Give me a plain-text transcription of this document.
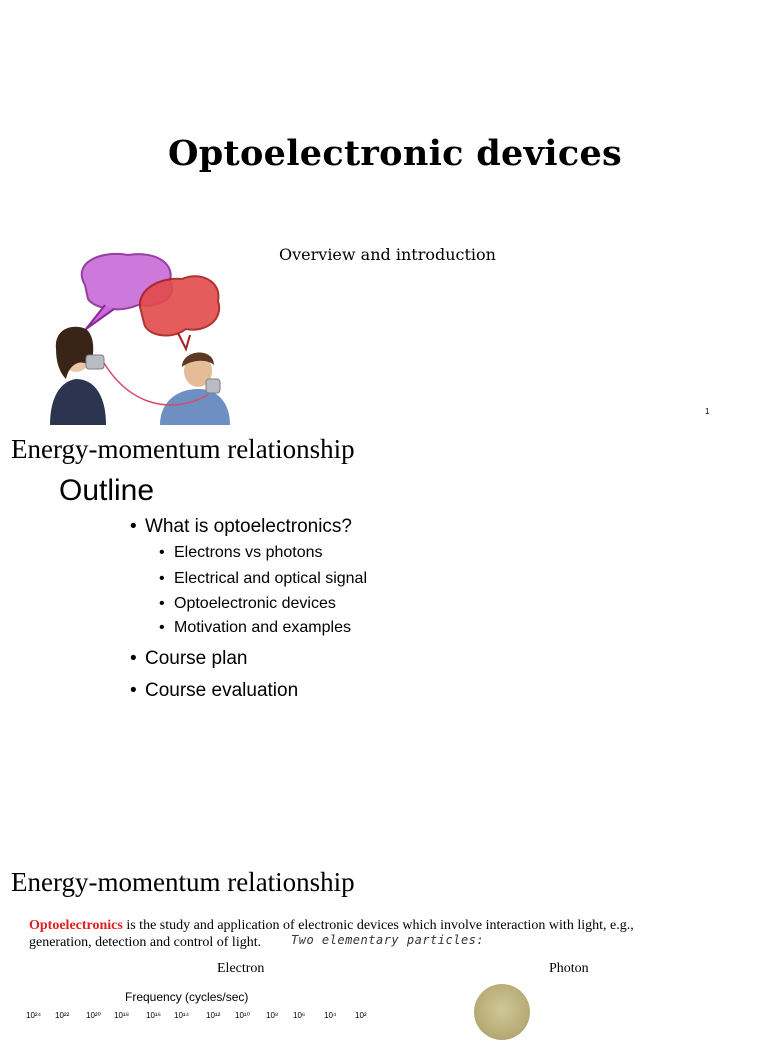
Optoelectronic devices
Overview and introduction
1
Energy-momentum relationship
Outline
• What is optoelectronics?
• Electrons vs photons
• Electrical and optical signal
• Optoelectronic devices
• Motivation and examples
• Course plan
• Course evaluation
Energy-momentum relationship
Optoelectronics is the study and application of electronic devices which involve interaction with light, e.g., generation, detection and control of light.	Two elementary particles:
Electron	Photon
Frequency (cycles/sec)
10²⁴ 10²² 10²⁰ 10¹⁸ 10¹⁶ 10¹⁴ 10¹² 10¹⁰ 10⁸ 10⁶ 10⁴ 10²
